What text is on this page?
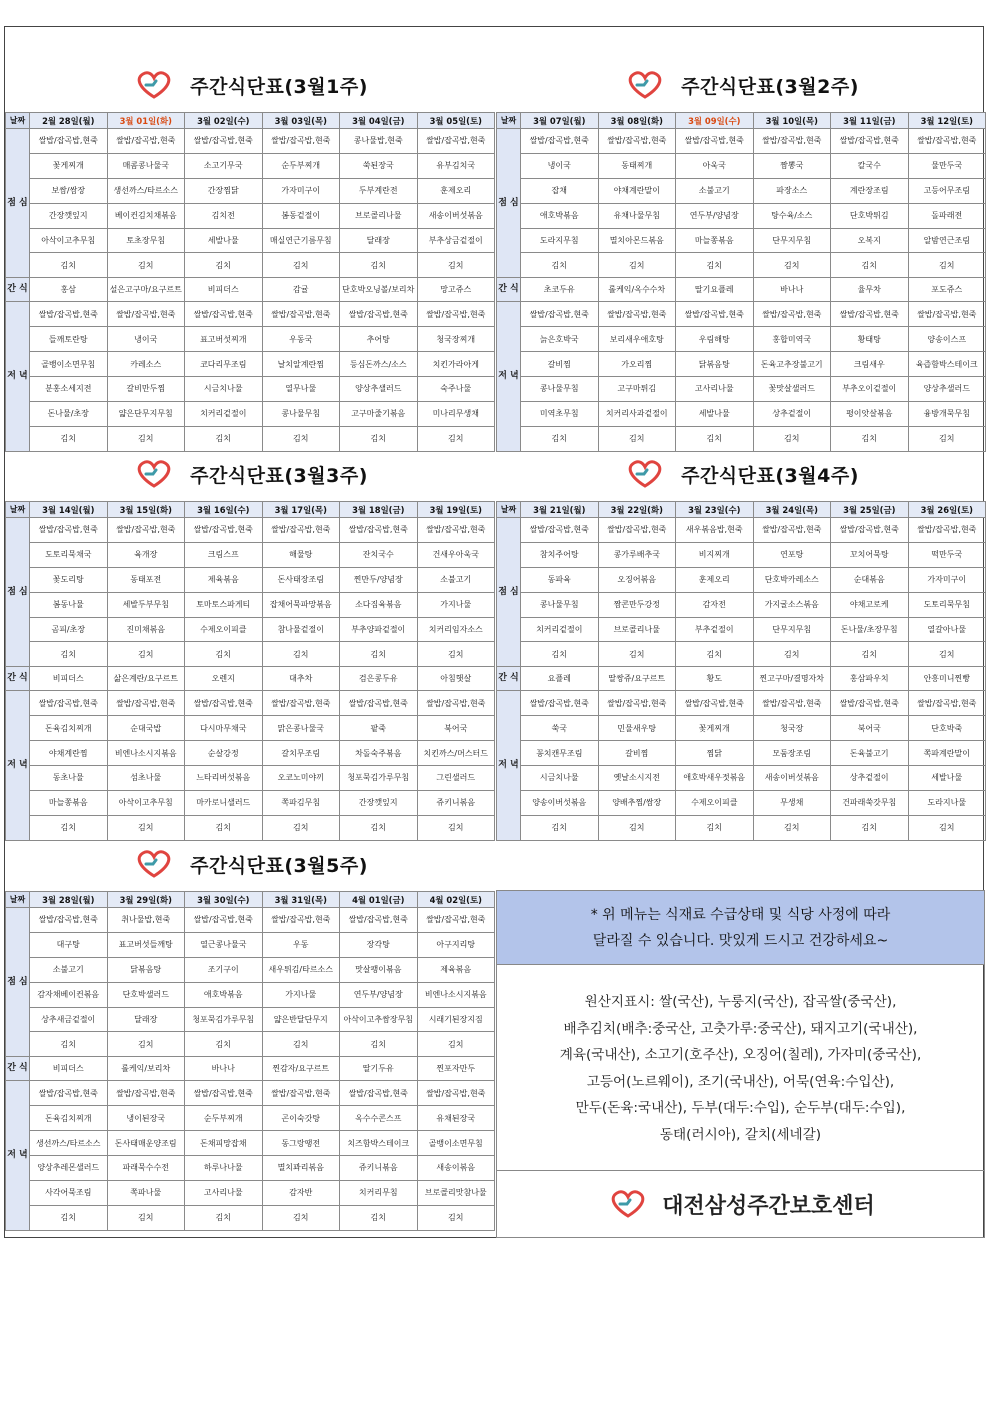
주간식단표(3월1주)
날짜	2월 28일(월)	3월 01일(화)	3월 02일(수)	3월 03일(목)	3월 04일(금)	3월 05일(토)
점 심	쌀밥/잡곡밥,현죽	쌀밥/잡곡밥,현죽	쌀밥/잡곡밥,현죽	쌀밥/잡곡밥,현죽	콩나물밥,현죽	쌀밥/잡곡밥,현죽
	꽃게찌개	매콤콩나물국	소고기무국	순두부찌개	쑥된장국	유부김치국
	보쌈/쌈장	생선까스/타르소스	간장찜닭	가자미구이	두부계란전	훈제오리
	간장깻잎지	베이컨김치채볶음	김치전	봄동겉절이	브로콜리나물	새송이버섯볶음
	아삭이고추무침	토초장무침	세발나물	매실연근기름무침	달래장	부추상금겉절이
	김치	김치	김치	김치	김치	김치
간 식	홍삼	설은고구마/요구르트	비피더스	감귤	단호박오닝볼/보리차	망고쥬스
저 녁	쌀밥/잡곡밥,현죽	쌀밥/잡곡밥,현죽	쌀밥/잡곡밥,현죽	쌀밥/잡곡밥,현죽	쌀밥/잡곡밥,현죽	쌀밥/잡곡밥,현죽
	들깨토란탕	냉이국	표고버섯찌개	우동국	추어탕	청국장찌개
	골뱅이소면무침	카레소스	코다리무조림	날치알계란찜	등심돈까스/소스	치킨가라아게
	분홍소세지전	갈비만두찜	시금치나물	열무나물	양상추샐러드	숙주나물
	돈나물/초장	얇은단무지무침	치커리겉절이	콩나물무침	고구마줄기볶음	미나리무생채
	김치	김치	김치	김치	김치	김치
주간식단표(3월2주)
날짜	3월 07일(월)	3월 08일(화)	3월 09일(수)	3월 10일(목)	3월 11일(금)	3월 12일(토)
점 심	쌀밥/잡곡밥,현죽	쌀밥/잡곡밥,현죽	쌀밥/잡곡밥,현죽	쌀밥/잡곡밥,현죽	쌀밥/잡곡밥,현죽	쌀밥/잡곡밥,현죽
	냉이국	동태찌개	아욱국	짬뽕국	칼국수	물만두국
	잡채	야채계란말이	소불고기	파장소스	계란장조림	고등어무조림
	애호박볶음	유채나물무침	연두부/양념장	탕수육/소스	단호박튀김	돌파래전
	도라지무침	멸치아몬드볶음	마늘쫑볶음	단무지무침	오복지	알밤연근조림
	김치	김치	김치	김치	김치	김치
간 식	초코두유	롤케익/옥수수차	딸기요플레	바나나	율무차	포도쥬스
저 녁	쌀밥/잡곡밥,현죽	쌀밥/잡곡밥,현죽	쌀밥/잡곡밥,현죽	쌀밥/잡곡밥,현죽	쌀밥/잡곡밥,현죽	쌀밥/잡곡밥,현죽
	늙은호박국	보리새우애호탕	우림해탕	홍합미역국	황태탕	양송이스프
	갈비찜	가오리찜	닭볶음탕	돈육고추장불고기	크림새우	육즙함박스테이크
	콩나물무침	고구마튀김	고사리나물	꽃맛살샐러드	부추오이겉절이	양상추샐러드
	미역초무침	치커리사과겉절이	세발나물	상추겉절이	평이앗살볶음	융방개묵무침
	김치	김치	김치	김치	김치	김치
주간식단표(3월3주)
날짜	3월 14일(월)	3월 15일(화)	3월 16일(수)	3월 17일(목)	3월 18일(금)	3월 19일(토)
점 심	쌀밥/잡곡밥,현죽	쌀밥/잡곡밥,현죽	쌀밥/잡곡밥,현죽	쌀밥/잡곡밥,현죽	쌀밥/잡곡밥,현죽	쌀밥/잡곡밥,현죽
	도토리묵채국	육개장	크림스프	해물탕	잔치국수	건새우아욱국
	꽃도리탕	동태포전	제육볶음	돈사태장조림	찐만두/양념장	소불고기
	봄동나물	세발두부무침	토마토스파게티	잡채어묵파망볶음	소다짐육볶음	가지나물
	곰피/초장	진미채볶음	수제오이피클	참나물겉절이	부추양파겉절이	치커리임자소스
	김치	김치	김치	김치	김치	김치
간 식	비피더스	삶은계란/요구르트	오렌지	대추차	검은콩두유	아침햇살
저 녁	쌀밥/잡곡밥,현죽	쌀밥/잡곡밥,현죽	쌀밥/잡곡밥,현죽	쌀밥/잡곡밥,현죽	쌀밥/잡곡밥,현죽	쌀밥/잡곡밥,현죽
	돈육김치찌개	순대국밥	다시마무채국	맑은콩나물국	팥죽	북어국
	야채계란찜	비엔나소시지볶음	순살강정	갈치무조림	차돌숙주볶음	치킨까스/머스터드
	동초나물	섬초나물	느타리버섯볶음	오코노미야끼	청포묵김가루무침	그린샐러드
	마늘쫑볶음	아삭이고추무침	마카로니샐러드	쪽파김무침	간장깻잎지	쥬키니볶음
	김치	김치	김치	김치	김치	김치
주간식단표(3월4주)
날짜	3월 21일(월)	3월 22일(화)	3월 23일(수)	3월 24일(목)	3월 25일(금)	3월 26일(토)
점 심	쌀밥/잡곡밥,현죽	쌀밥/잡곡밥,현죽	새우볶음밥,현죽	쌀밥/잡곡밥,현죽	쌀밥/잡곡밥,현죽	쌀밥/잡곡밥,현죽
	참치주어탕	콩가루배추국	비지찌개	연포탕	꼬치어묵탕	떡만두국
	동파육	오징어볶음	훈제오리	단호박카레소스	순대볶음	가자미구이
	콩나물무침	짬콘만두강정	감자전	가지굴소스볶음	야채고로케	도토리묵무침
	치커리겉절이	브로콜리나물	부추겉절이	단무지무침	돈나물/초장무침	열갈아나물
	김치	김치	김치	김치	김치	김치
간 식	요플레	딸쌍쥬/요구르트	황도	찐고구마/결명자차	홍삼파우치	안흥미니찐빵
저 녁	쌀밥/잡곡밥,현죽	쌀밥/잡곡밥,현죽	쌀밥/잡곡밥,현죽	쌀밥/잡곡밥,현죽	쌀밥/잡곡밥,현죽	쌀밥/잡곡밥,현죽
	쑥국	민물새우탕	꽃게찌개	청국장	북어국	단호박죽
	꽁치캔무조림	갈비찜	찜닭	모둠장조림	돈육불고기	쪽파계란말이
	시금치나물	옛날소시지전	애호박새우젓볶음	새송이버섯볶음	상추겉절이	세발나물
	양송이버섯볶음	양배추찜/쌈장	수제오이피클	무생채	건파래쑥갓무침	도라지나물
	김치	김치	김치	김치	김치	김치
주간식단표(3월5주)
날짜	3월 28일(월)	3월 29일(화)	3월 30일(수)	3월 31일(목)	4월 01일(금)	4월 02일(토)
점 심	쌀밥/잡곡밥,현죽	취나물밥,현죽	쌀밥/잡곡밥,현죽	쌀밥/잡곡밥,현죽	쌀밥/잡곡밥,현죽	쌀밥/잡곡밥,현죽
	대구탕	표고버섯들깨탕	열근콩나물국	우동	장각탕	아구지리탕
	소불고기	닭볶음탕	조기구이	새우튀김/타르소스	맛살팽이볶음	제육볶음
	감자채베이컨볶음	단호박샐러드	애호박볶음	가지나물	연두부/양념장	비엔나소시지볶음
	상추새금겉절이	달래장	청포묵김가루무침	얇은반달단무지	아삭이고추쌈장무침	시래기된장지짐
	김치	김치	김치	김치	김치	김치
간 식	비피더스	롤케익/보리차	바나나	찐감자/요구르트	딸기두유	찐포자만두
저 녁	쌀밥/잡곡밥,현죽	쌀밥/잡곡밥,현죽	쌀밥/잡곡밥,현죽	쌀밥/잡곡밥,현죽	쌀밥/잡곡밥,현죽	쌀밥/잡곡밥,현죽
	돈육김치찌개	냉이된장국	순두부찌개	곤이숙갓탕	옥수수콘스프	유채된장국
	생선까스/타르소스	돈사태매운양조림	돈채피망잡채	동그랑땡전	치즈함박스테이크	골뱅이소면무침
	양상추레몬샐러드	파래묵수수전	하루나나물	멸치꽈리볶음	쥬키니볶음	새송이볶음
	사각어묵조림	쪽파나물	고사리나물	감자반	치커리무침	브로콜리맛참나물
	김치	김치	김치	김치	김치	김치
* 위 메뉴는 식재료 수급상태 및 식당 사정에 따라
달라질 수 있습니다. 맛있게 드시고 건강하세요~
원산지표시: 쌀(국산), 누룽지(국산), 잡곡쌀(중국산),
배추김치(배추:중국산, 고춧가루:중국산), 돼지고기(국내산),
계육(국내산), 소고기(호주산), 오징어(칠레), 가자미(중국산),
고등어(노르웨이), 조기(국내산), 어묵(연육:수입산),
만두(돈육:국내산), 두부(대두:수입), 순두부(대두:수입),
동태(러시아), 갈치(세네갈)
대전삼성주간보호센터
